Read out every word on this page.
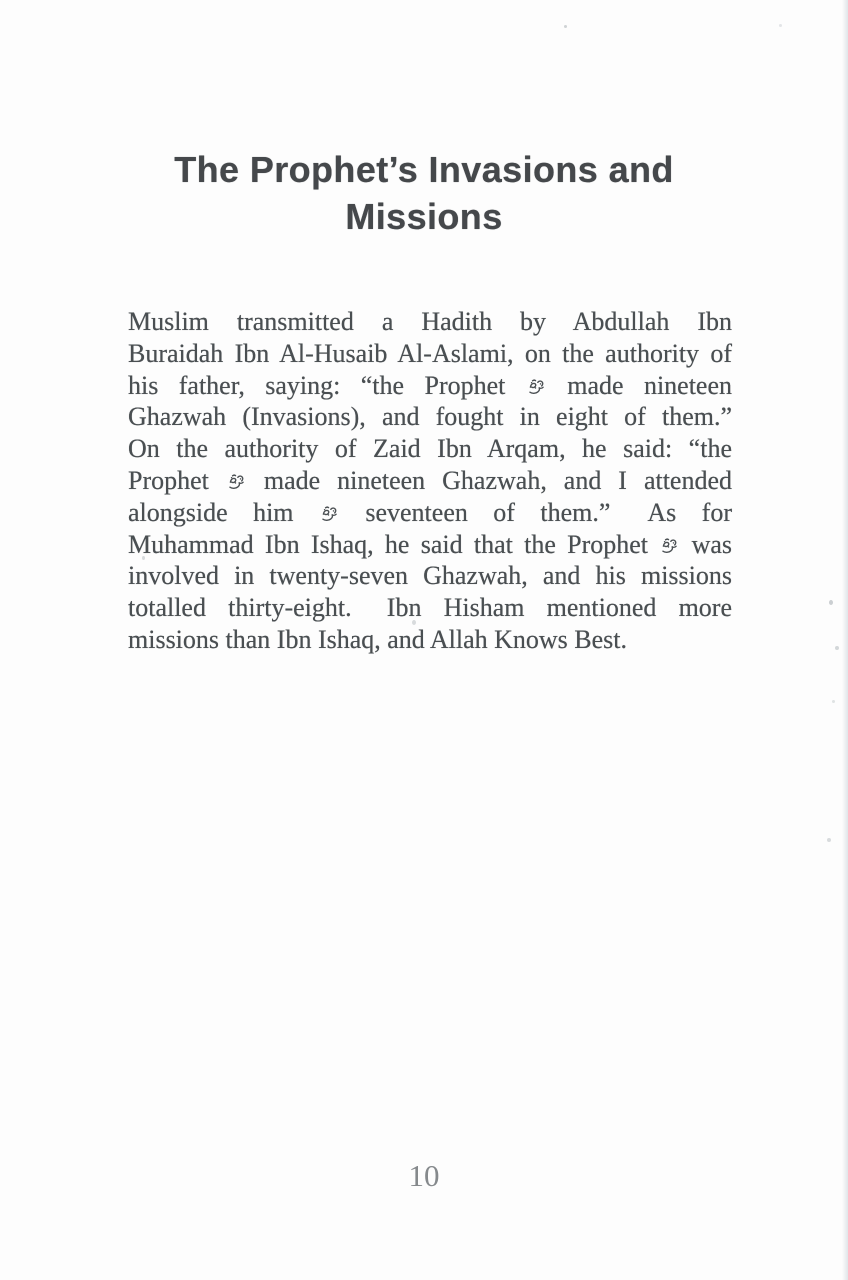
The Prophet’s Invasions and
Missions
Muslim transmitted a Hadith by Abdullah Ibn
Buraidah Ibn Al-Husaib Al-Aslami, on the authority of
his father, saying: “the Prophet
made nineteen
Ghazwah (Invasions), and fought in eight of them.”
On the authority of Zaid Ibn Arqam, he said: “the
Prophet
made nineteen Ghazwah, and I attended
alongside him
seventeen of them.”  As for
Muhammad Ibn Ishaq, he said that the Prophet
was
involved in twenty-seven Ghazwah, and his missions
totalled thirty-eight.  Ibn Hisham mentioned more
missions than Ibn Ishaq, and Allah Knows Best.
10
